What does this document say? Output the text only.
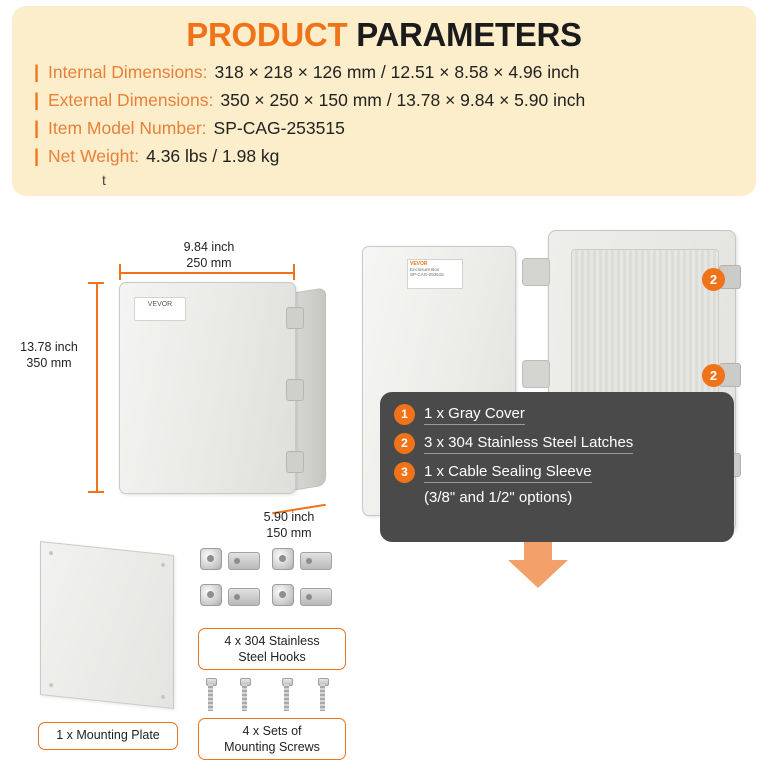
PRODUCT PARAMETERS
| Internal Dimensions: 318 × 218 × 126 mm / 12.51 × 8.58 × 4.96 inch
| External Dimensions: 350 × 250 × 150 mm / 13.78 × 9.84 × 5.90 inch
| Item Model Number: SP-CAG-253515
| Net Weight: 4.36 lbs / 1.98 kg
t
VEVOR
9.84 inch
250 mm
13.78 inch
350 mm
5.90 inch
150 mm
VEVOR
Enclosure Box
SP-CAG-253515	2
2
1 x Mounting Plate
4 x 304 Stainless
Steel Hooks
4 x Sets of
Mounting Screws
1	1 x Gray Cover
2	3 x 304 Stainless Steel Latches
3	1 x Cable Sealing Sleeve
(3/8" and 1/2" options)
